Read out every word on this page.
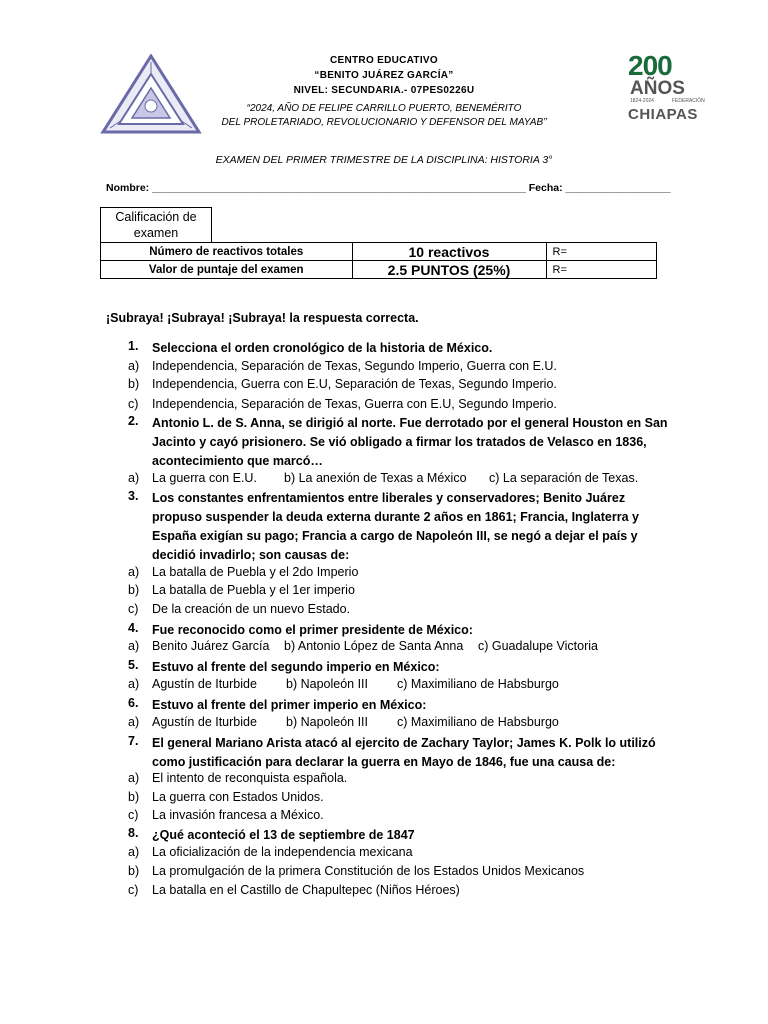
CENTRO EDUCATIVO
“BENITO JUÁREZ GARCÍA”
NIVEL: SECUNDARIA.- 07PES0226U
“2024, AÑO DE FELIPE CARRILLO PUERTO, BENEMÉRITO
DEL PROLETARIADO, REVOLUCIONARIO Y DEFENSOR DEL MAYAB”
200
AÑOS
1824-2024	FEDERACIÓN
CHIAPAS
EXAMEN DEL PRIMER TRIMESTRE DE LA DISCIPLINA: HISTORIA 3°
Nombre: ________________________________________________________________ Fecha: __________________
Calificación de examen			
Número de reactivos totales		10 reactivos	R=
Valor de puntaje del examen		2.5 PUNTOS (25%)	R=
¡Subraya! ¡Subraya! ¡Subraya! la respuesta correcta.
1. Selecciona el orden cronológico de la historia de México.
a) Independencia, Separación de Texas, Segundo Imperio, Guerra con E.U.
b) Independencia, Guerra con E.U, Separación de Texas, Segundo Imperio.
c) Independencia, Separación de Texas, Guerra con E.U, Segundo Imperio.
2. Antonio L. de S. Anna, se dirigió al norte. Fue derrotado por el general Houston en San Jacinto y cayó prisionero. Se vió obligado a firmar los tratados de Velasco en 1836, acontecimiento que marcó…
a) La guerra con E.U. b) La anexión de Texas a México c) La separación de Texas.
3. Los constantes enfrentamientos entre liberales y conservadores; Benito Juárez propuso suspender la deuda externa durante 2 años en 1861; Francia, Inglaterra y España exigían su pago; Francia a cargo de Napoleón III, se negó a dejar el país y decidió invadirlo; son causas de:
a) La batalla de Puebla y el 2do Imperio
b) La batalla de Puebla y el 1er imperio
c) De la creación de un nuevo Estado.
4. Fue reconocido como el primer presidente de México:
a) Benito Juárez García b) Antonio López de Santa Anna c) Guadalupe Victoria
5. Estuvo al frente del segundo imperio en México:
a) Agustín de Iturbide b) Napoleón III c) Maximiliano de Habsburgo
6. Estuvo al frente del primer imperio en México:
a) Agustín de Iturbide b) Napoleón III c) Maximiliano de Habsburgo
7. El general Mariano Arista atacó al ejercito de Zachary Taylor; James K. Polk lo utilizó como justificación para declarar la guerra en Mayo de 1846, fue una causa de:
a) El intento de reconquista española.
b) La guerra con Estados Unidos.
c) La invasión francesa a México.
8. ¿Qué aconteció el 13 de septiembre de 1847
a) La oficialización de la independencia mexicana
b) La promulgación de la primera Constitución de los Estados Unidos Mexicanos
c) La batalla en el Castillo de Chapultepec (Niños Héroes)
